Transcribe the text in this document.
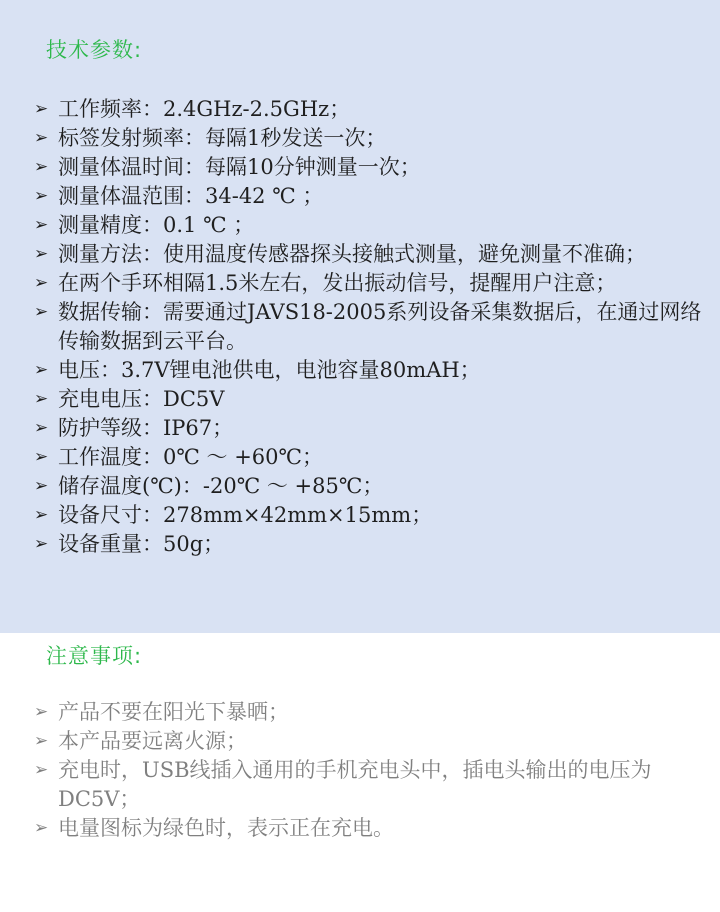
技术参数:
➢ 工作频率：2.4GHz-2.5GHz；
➢ 标签发射频率：每隔1秒发送一次；
➢ 测量体温时间：每隔10分钟测量一次；
➢ 测量体温范围：34-42 ℃ ；
➢ 测量精度：0.1 ℃ ；
➢ 测量方法：使用温度传感器探头接触式测量，避免测量不准确；
➢ 在两个手环相隔1.5米左右，发出振动信号，提醒用户注意；
➢ 数据传输：需要通过JAVS18-2005系列设备采集数据后，在通过网络传输数据到云平台。
➢ 电压：3.7V锂电池供电，电池容量80mAH；
➢ 充电电压：DC5V
➢ 防护等级：IP67；
➢ 工作温度：0℃ ～ +60℃；
➢ 储存温度(℃)：-20℃ ～ +85℃；
➢ 设备尺寸：278mm×42mm×15mm；
➢ 设备重量：50g；
注意事项:
➢ 产品不要在阳光下暴晒；
➢ 本产品要远离火源；
➢ 充电时，USB线插入通用的手机充电头中，插电头输出的电压为DC5V；
➢ 电量图标为绿色时，表示正在充电。
